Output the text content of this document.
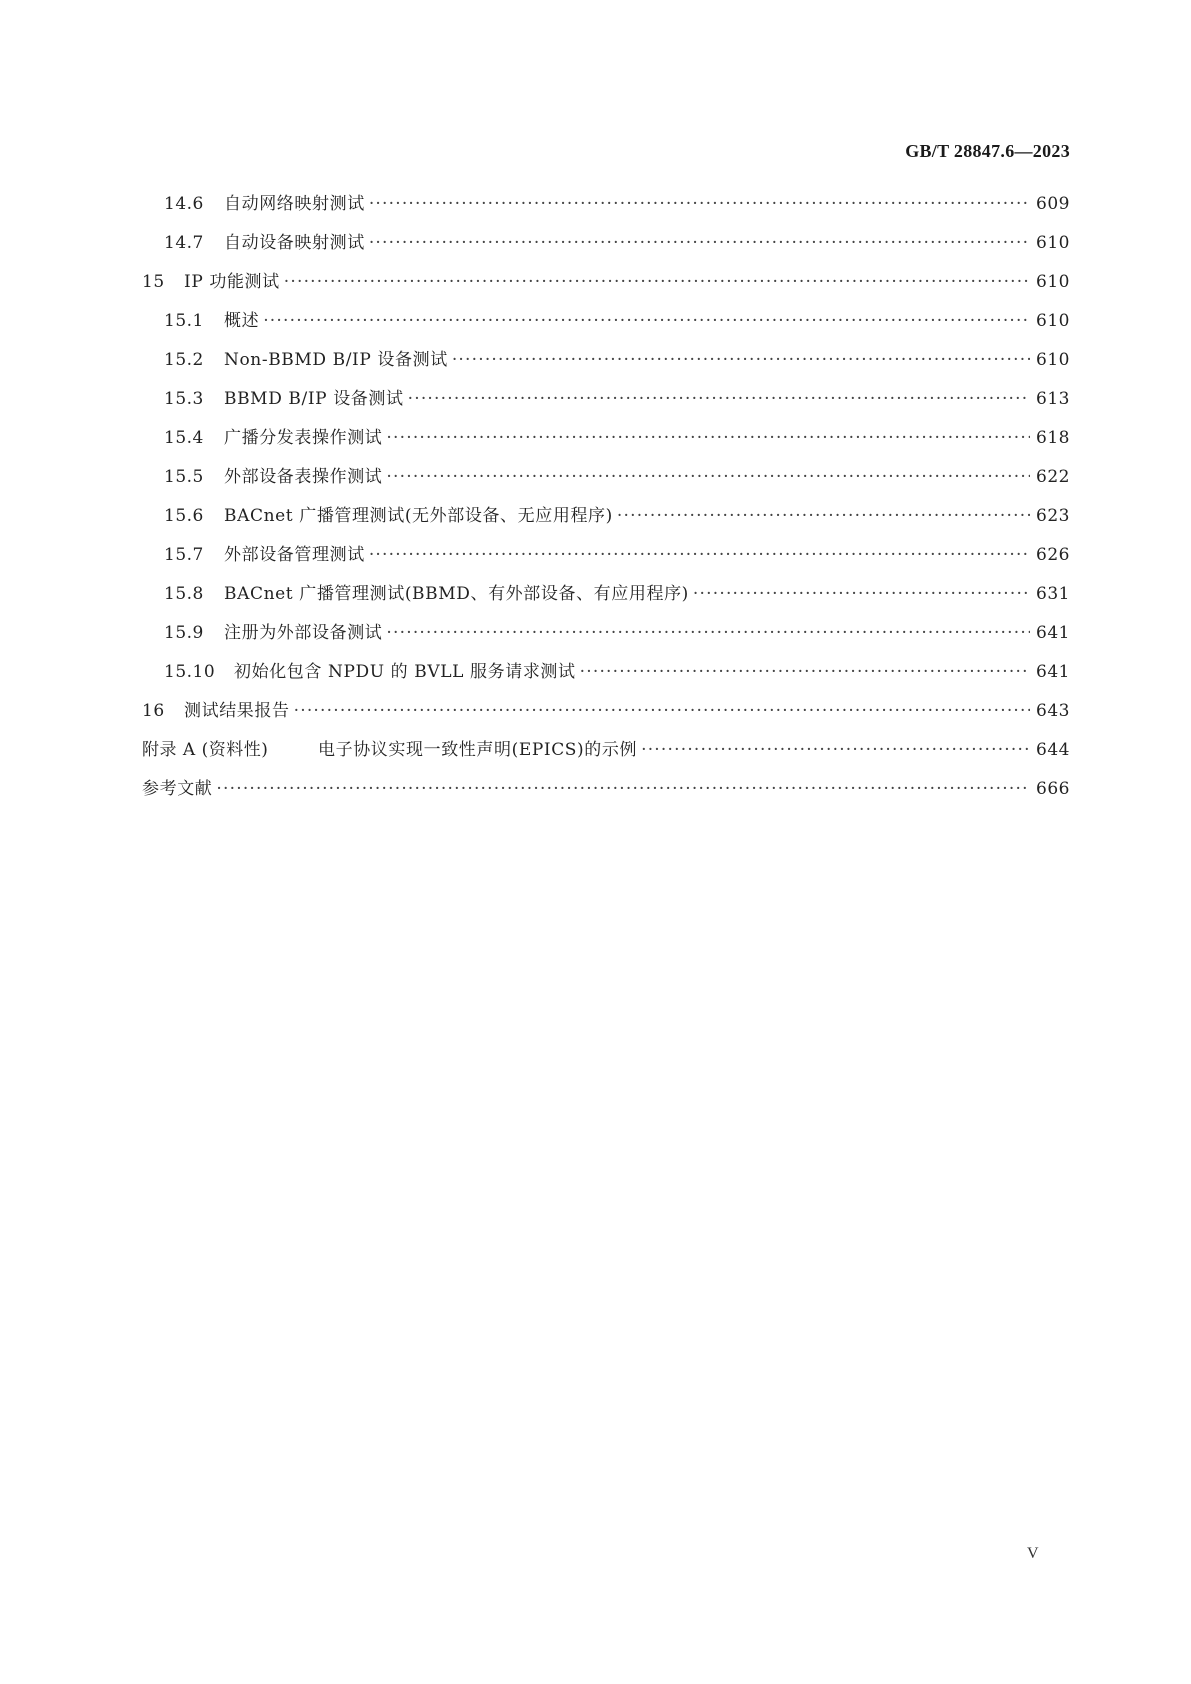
GB/T 28847.6—2023
14.6	自动网络映射测试 ·····	609
14.7	自动设备映射测试 ·····	610
15	IP 功能测试 ·····	610
15.1	概述 ·····	610
15.2	Non-BBMD B/IP 设备测试 ·····	610
15.3	BBMD B/IP 设备测试 ·····	613
15.4	广播分发表操作测试 ·····	618
15.5	外部设备表操作测试 ·····	622
15.6	BACnet 广播管理测试(无外部设备、无应用程序) ·····	623
15.7	外部设备管理测试 ·····	626
15.8	BACnet 广播管理测试(BBMD、有外部设备、有应用程序) ·····	631
15.9	注册为外部设备测试 ·····	641
15.10	初始化包含 NPDU 的 BVLL 服务请求测试 ·····	641
16	测试结果报告 ·····	643
附录 A (资料性)	电子协议实现一致性声明(EPICS)的示例 ·····	644
参考文献 ·····	666
V
